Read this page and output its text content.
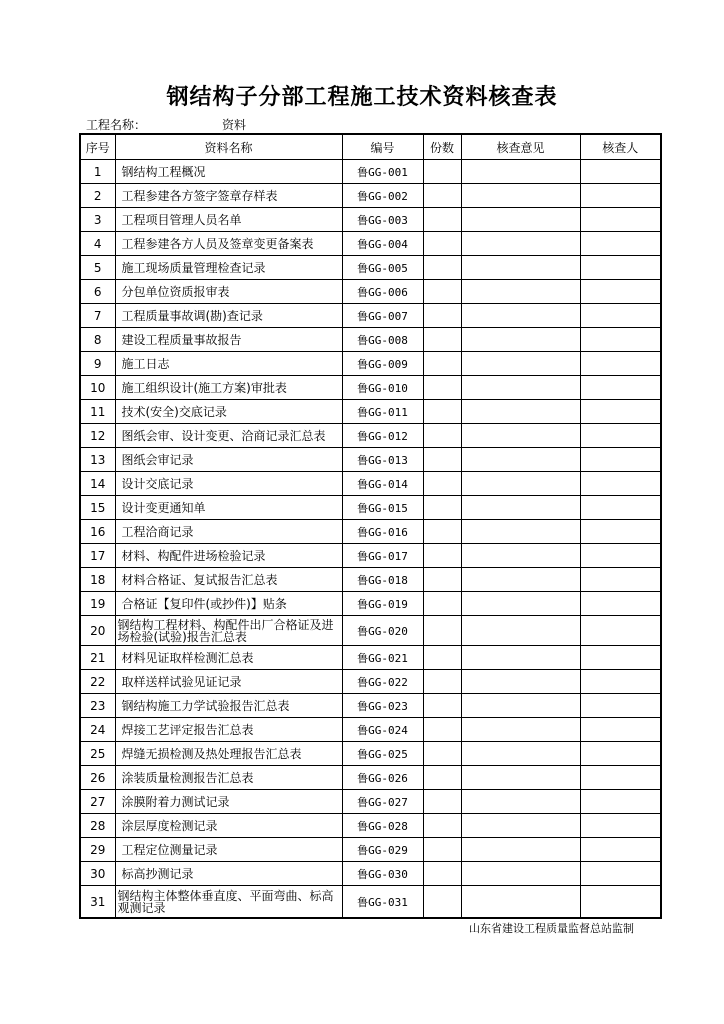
钢结构子分部工程施工技术资料核查表
工程名称：	资料
序号	资料名称	编号	份数	核查意见	核查人
1	钢结构工程概况	鲁GG-001			
2	工程参建各方签字签章存样表	鲁GG-002			
3	工程项目管理人员名单	鲁GG-003			
4	工程参建各方人员及签章变更备案表	鲁GG-004			
5	施工现场质量管理检查记录	鲁GG-005			
6	分包单位资质报审表	鲁GG-006			
7	工程质量事故调(勘)查记录	鲁GG-007			
8	建设工程质量事故报告	鲁GG-008			
9	施工日志	鲁GG-009			
10	施工组织设计(施工方案)审批表	鲁GG-010			
11	技术(安全)交底记录	鲁GG-011			
12	图纸会审、设计变更、洽商记录汇总表	鲁GG-012			
13	图纸会审记录	鲁GG-013			
14	设计交底记录	鲁GG-014			
15	设计变更通知单	鲁GG-015			
16	工程洽商记录	鲁GG-016			
17	材料、构配件进场检验记录	鲁GG-017			
18	材料合格证、复试报告汇总表	鲁GG-018			
19	合格证【复印件(或抄件)】贴条	鲁GG-019			
20	钢结构工程材料、构配件出厂合格证及进场检验(试验)报告汇总表	鲁GG-020			
21	材料见证取样检测汇总表	鲁GG-021			
22	取样送样试验见证记录	鲁GG-022			
23	钢结构施工力学试验报告汇总表	鲁GG-023			
24	焊接工艺评定报告汇总表	鲁GG-024			
25	焊缝无损检测及热处理报告汇总表	鲁GG-025			
26	涂装质量检测报告汇总表	鲁GG-026			
27	涂膜附着力测试记录	鲁GG-027			
28	涂层厚度检测记录	鲁GG-028			
29	工程定位测量记录	鲁GG-029			
30	标高抄测记录	鲁GG-030			
31	钢结构主体整体垂直度、平面弯曲、标高观测记录	鲁GG-031			
山东省建设工程质量监督总站监制
